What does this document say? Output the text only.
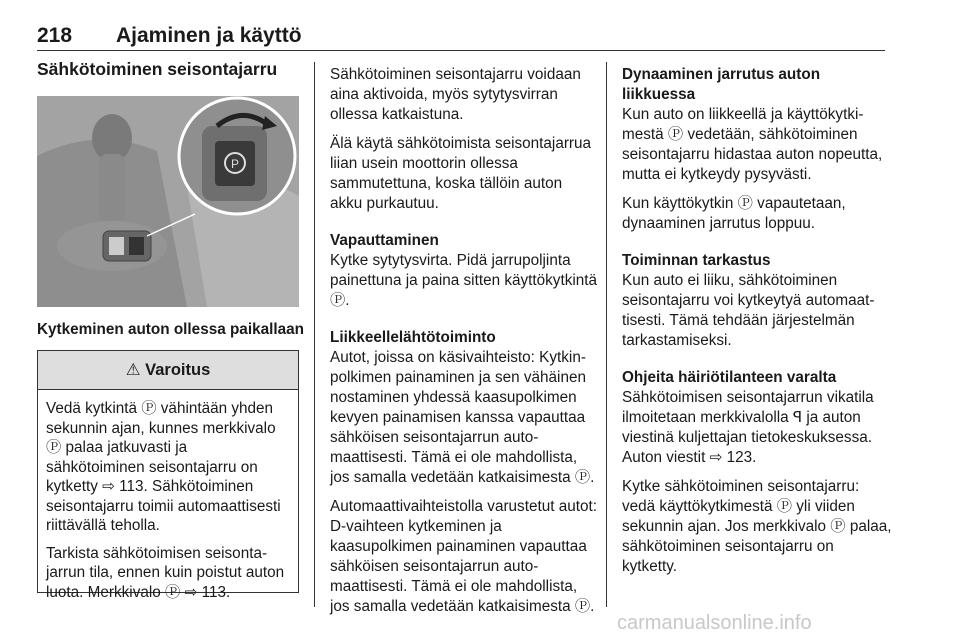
218 Ajaminen ja käyttö

Sähkötoiminen seisontajarru

P
Kytkeminen auton ollessa paikallaan
⚠ Varoitus

Vedä kytkintä Ⓟ vähintään yhden sekunnin ajan, kunnes merkkivalo Ⓟ palaa jatkuvasti ja sähkötoiminen seisontajarru on kytketty ⇨ 113. Sähkötoiminen seisontajarru toimii automaattisesti riittävällä teholla.

Tarkista sähkötoimisen seisontajarrun tila, ennen kuin poistut auton luota. Merkkivalo Ⓟ ⇨ 113.

Sähkötoiminen seisontajarru voidaan aina aktivoida, myös sytytysvirran ollessa katkaistuna.

Älä käytä sähkötoimista seisontajarrua liian usein moottorin ollessa sammutettuna, koska tällöin auton akku purkautuu.

Vapauttaminen

Kytke sytytysvirta. Pidä jarrupoljinta painettuna ja paina sitten käyttökytkintä Ⓟ.

Liikkeellelähtötoiminto

Autot, joissa on käsivaihteisto: Kytkinpolkimen painaminen ja sen vähäinen nostaminen yhdessä kaasupolkimen kevyen painamisen kanssa vapauttaa sähköisen seisontajarrun automaattisesti. Tämä ei ole mahdollista, jos samalla vedetään katkaisimesta Ⓟ.

Automaattivaihteistolla varustetut autot: D-vaihteen kytkeminen ja kaasupolkimen painaminen vapauttaa sähköisen seisontajarrun automaattisesti. Tämä ei ole mahdollista, jos samalla vedetään katkaisimesta Ⓟ.

Dynaaminen jarrutus auton liikkuessa

Kun auto on liikkeellä ja käyttökytkimestä Ⓟ vedetään, sähkötoiminen seisontajarru hidastaa auton nopeutta, mutta ei kytkeydy pysyvästi.

Kun käyttökytkin Ⓟ vapautetaan, dynaaminen jarrutus loppuu.

Toiminnan tarkastus

Kun auto ei liiku, sähkötoiminen seisontajarru voi kytkeytyä automaattisesti. Tämä tehdään järjestelmän tarkastamiseksi.

Ohjeita häiriötilanteen varalta

Sähkötoimisen seisontajarrun vikatila ilmoitetaan merkkivalolla ꟼ ja auton viestinä kuljettajan tietokeskuksessa. Auton viestit ⇨ 123.

Kytke sähkötoiminen seisontajarru: vedä käyttökytkimestä Ⓟ yli viiden sekunnin ajan. Jos merkkivalo Ⓟ palaa, sähkötoiminen seisontajarru on kytketty.

carmanualsonline.info
